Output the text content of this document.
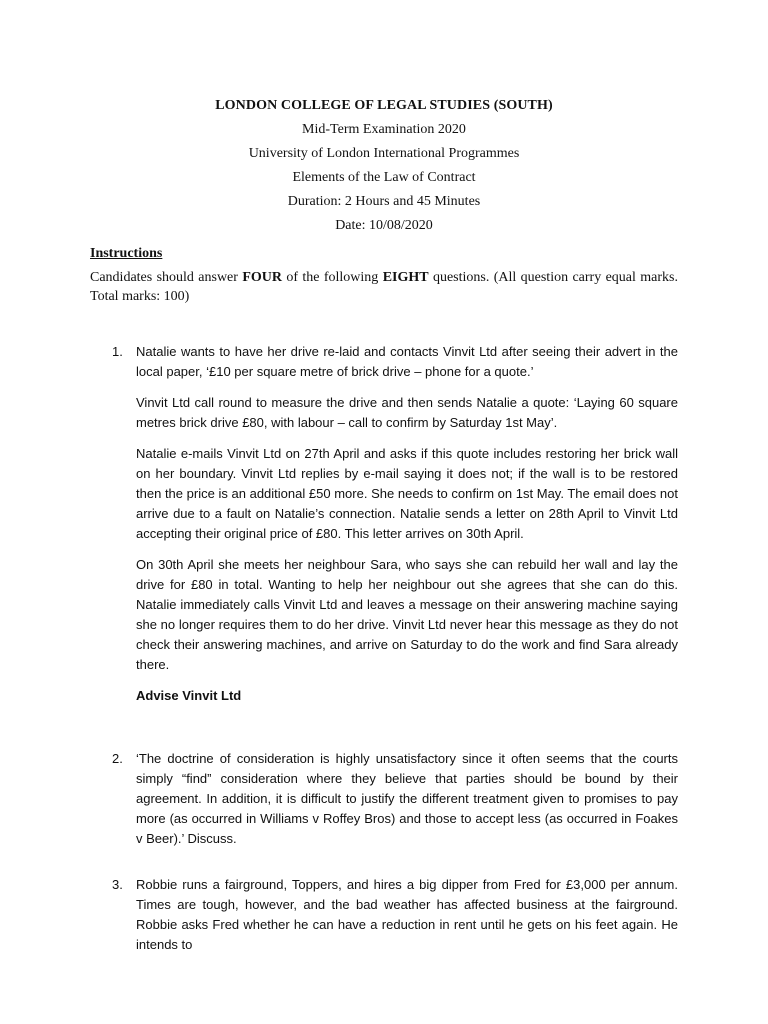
LONDON COLLEGE OF LEGAL STUDIES (SOUTH)
Mid-Term Examination 2020
University of London International Programmes
Elements of the Law of Contract
Duration: 2 Hours and 45 Minutes
Date: 10/08/2020
Instructions
Candidates should answer FOUR of the following EIGHT questions. (All question carry equal marks. Total marks: 100)
1. Natalie wants to have her drive re-laid and contacts Vinvit Ltd after seeing their advert in the local paper, ‘£10 per square metre of brick drive – phone for a quote.’

Vinvit Ltd call round to measure the drive and then sends Natalie a quote: ‘Laying 60 square metres brick drive £80, with labour – call to confirm by Saturday 1st May’.

Natalie e-mails Vinvit Ltd on 27th April and asks if this quote includes restoring her brick wall on her boundary. Vinvit Ltd replies by e-mail saying it does not; if the wall is to be restored then the price is an additional £50 more. She needs to confirm on 1st May. The email does not arrive due to a fault on Natalie’s connection. Natalie sends a letter on 28th April to Vinvit Ltd accepting their original price of £80. This letter arrives on 30th April.

On 30th April she meets her neighbour Sara, who says she can rebuild her wall and lay the drive for £80 in total. Wanting to help her neighbour out she agrees that she can do this. Natalie immediately calls Vinvit Ltd and leaves a message on their answering machine saying she no longer requires them to do her drive. Vinvit Ltd never hear this message as they do not check their answering machines, and arrive on Saturday to do the work and find Sara already there.

Advise Vinvit Ltd

2. ‘The doctrine of consideration is highly unsatisfactory since it often seems that the courts simply “find” consideration where they believe that parties should be bound by their agreement. In addition, it is difficult to justify the different treatment given to promises to pay more (as occurred in Williams v Roffey Bros) and those to accept less (as occurred in Foakes v Beer).’ Discuss.

3. Robbie runs a fairground, Toppers, and hires a big dipper from Fred for £3,000 per annum. Times are tough, however, and the bad weather has affected business at the fairground. Robbie asks Fred whether he can have a reduction in rent until he gets on his feet again. He intends to
